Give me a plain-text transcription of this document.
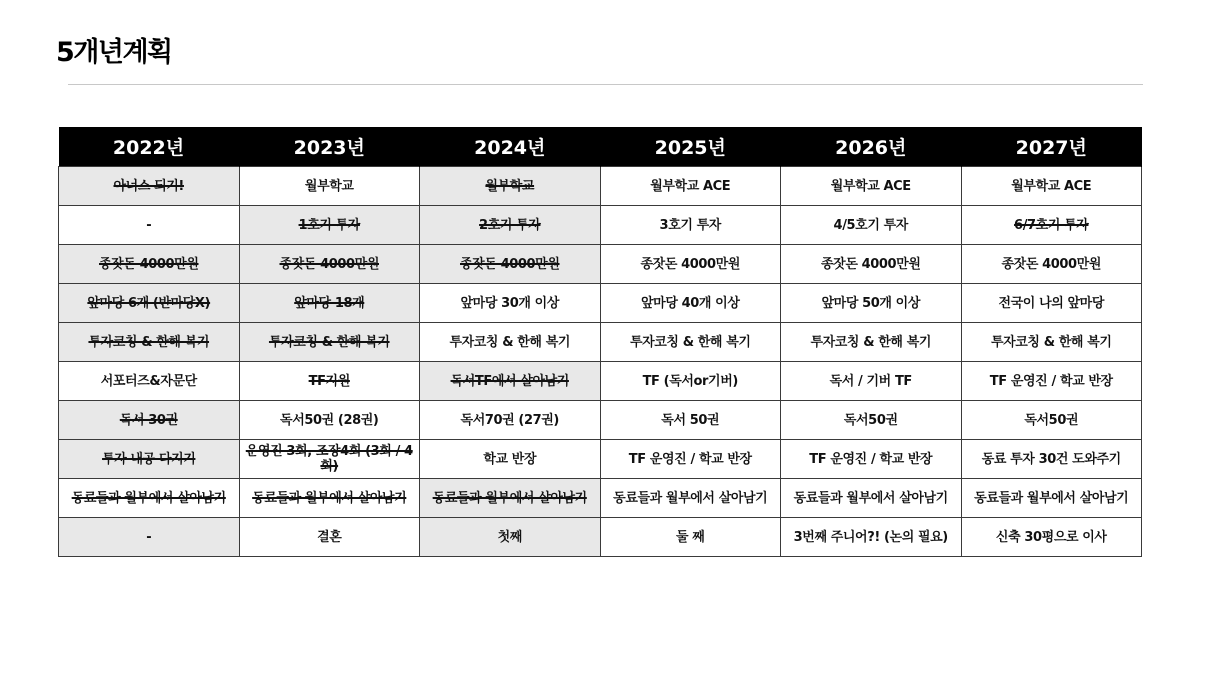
5개년계획
2022년	2023년	2024년	2025년	2026년	2027년
아너스 되기!	월부학교	월부학교	월부학교 ACE	월부학교 ACE	월부학교 ACE
-	1호기 투자	2호기 투자	3호기 투자	4/5호기 투자	6/7호기 투자
종잣돈 4000만원	종잣돈 4000만원	종잣돈 4000만원	종잣돈 4000만원	종잣돈 4000만원	종잣돈 4000만원
앞마당 6개 (반마당X)	앞마당 18개	앞마당 30개 이상	앞마당 40개 이상	앞마당 50개 이상	전국이 나의 앞마당
투자코칭 & 한해 복기	투자코칭 & 한해 복기	투자코칭 & 한해 복기	투자코칭 & 한해 복기	투자코칭 & 한해 복기	투자코칭 & 한해 복기
서포터즈&자문단	TF지원	독서TF에서 살아남기	TF (독서or기버)	독서 / 기버 TF	TF 운영진 / 학교 반장
독서 30권	독서50권 (28권)	독서70권 (27권)	독서 50권	독서50권	독서50권
투자 내공 다지기	운영진 3회, 조장4회 (3회 / 4회)	학교 반장	TF 운영진 / 학교 반장	TF 운영진 / 학교 반장	동료 투자 30건 도와주기
동료들과 월부에서 살아남기	동료들과 월부에서 살아남기	동료들과 월부에서 살아남기	동료들과 월부에서 살아남기	동료들과 월부에서 살아남기	동료들과 월부에서 살아남기
-	결혼	첫째	둘 째	3번째 주니어?! (논의 필요)	신축 30평으로 이사
